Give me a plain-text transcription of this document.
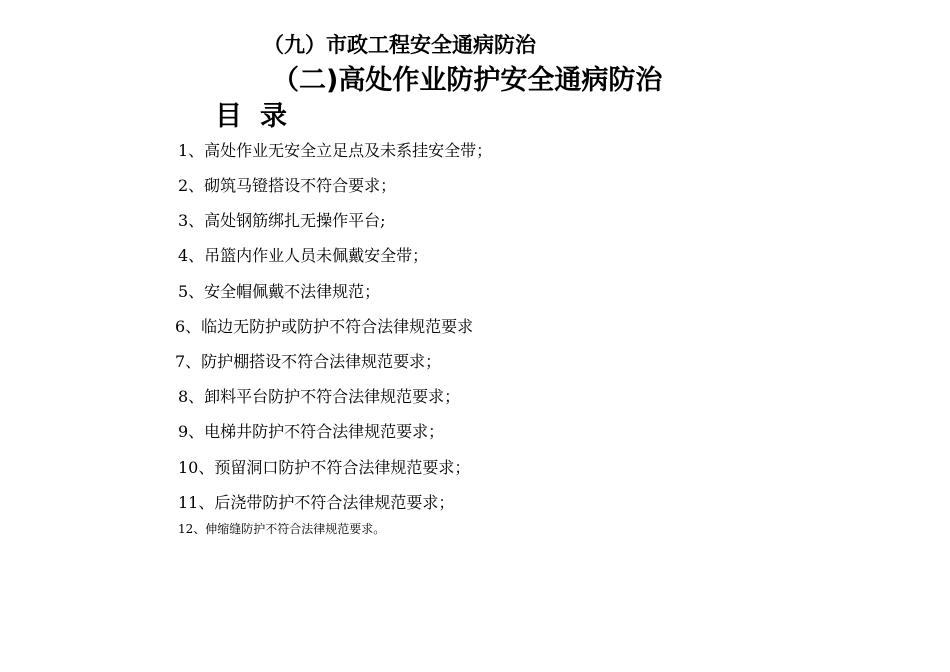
（九）市政工程安全通病防治
（二)高处作业防护安全通病防治
目录
1、高处作业无安全立足点及未系挂安全带；
2、砌筑马镫搭设不符合要求；
3、高处钢筋绑扎无操作平台;
4、吊篮内作业人员未佩戴安全带；
5、安全帽佩戴不法律规范；
6、临边无防护或防护不符合法律规范要求
7、防护棚搭设不符合法律规范要求；
8、卸料平台防护不符合法律规范要求；
9、电梯井防护不符合法律规范要求；
10、预留洞口防护不符合法律规范要求；
11、后浇带防护不符合法律规范要求；
12、伸缩缝防护不符合法律规范要求。
